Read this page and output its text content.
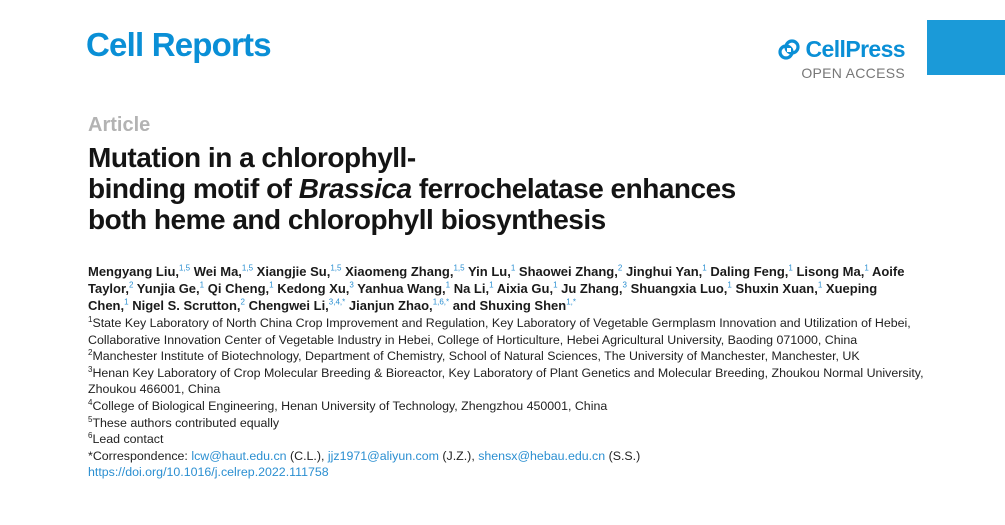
Cell Reports	CellPress
OPEN ACCESS
Article
Mutation in a chlorophyll-
binding motif of Brassica ferrochelatase enhances
both heme and chlorophyll biosynthesis
Mengyang Liu,$^{1,5}$ Wei Ma,$^{1,5}$ Xiangjie Su,$^{1,5}$ Xiaomeng Zhang,$^{1,5}$ Yin Lu,$^1$ Shaowei Zhang,$^2$ Jinghui Yan,$^1$ Daling Feng,$^1$ Lisong Ma,$^1$ Aoife Taylor,$^2$ Yunjia Ge,$^1$ Qi Cheng,$^1$ Kedong Xu,$^3$ Yanhua Wang,$^1$ Na Li,$^1$ Aixia Gu,$^1$ Ju Zhang,$^3$ Shuangxia Luo,$^1$ Shuxin Xuan,$^1$ Xueping Chen,$^1$ Nigel S. Scrutton,$^2$ Chengwei Li,$^{3,4,*}$ Jianjun Zhao,$^{1,6,*}$ and Shuxing Shen$^{1,*}$
$^1$State Key Laboratory of North China Crop Improvement and Regulation, Key Laboratory of Vegetable Germplasm Innovation and Utilization of Hebei, Collaborative Innovation Center of Vegetable Industry in Hebei, College of Horticulture, Hebei Agricultural University, Baoding 071000, China
$^2$Manchester Institute of Biotechnology, Department of Chemistry, School of Natural Sciences, The University of Manchester, Manchester, UK
$^3$Henan Key Laboratory of Crop Molecular Breeding & Bioreactor, Key Laboratory of Plant Genetics and Molecular Breeding, Zhoukou Normal University, Zhoukou 466001, China
$^4$College of Biological Engineering, Henan University of Technology, Zhengzhou 450001, China
$^5$These authors contributed equally
$^6$Lead contact
*Correspondence: lcw@haut.edu.cn (C.L.), jjz1971@aliyun.com (J.Z.), shensx@hebau.edu.cn (S.S.)
https://doi.org/10.1016/j.celrep.2022.111758
